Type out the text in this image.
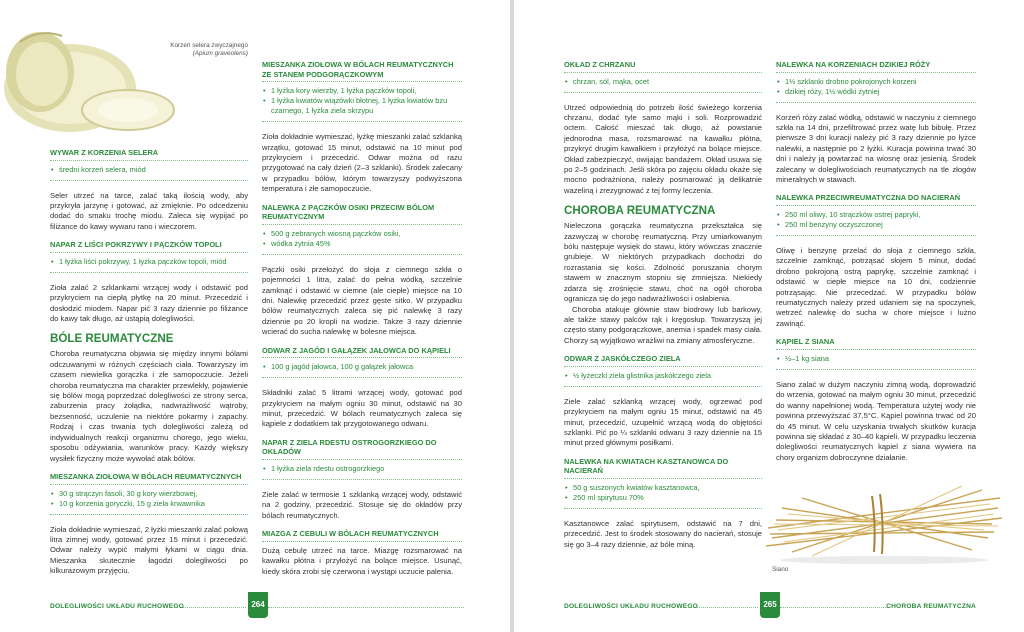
Korzeń selera zwyczajnego
(Apium graveolens)
WYWAR Z KORZENIA SELERA
• średni korzeń selera, miód

Seler utrzeć na tarce, zalać taką ilością wody, aby przykryła jarzynę i gotować, aż zmięknie. Po odcedzeniu dodać do smaku trochę miodu. Zaleca się wypijać po filiżance do kawy wywaru rano i wieczorem.

NAPAR Z LIŚCI POKRZYWY I PĄCZKÓW TOPOLI
• 1 łyżka liści pokrzywy, 1 łyżka pączków topoli, miód

Zioła zalać 2 szklankami wrzącej wody i odstawić pod przykryciem na ciepłą płytkę na 20 minut. Przecedzić i dosłodzić miodem. Napar pić 3 razy dziennie po filiżance do kawy tak długo, aż ustąpią dolegliwości.

BÓLE REUMATYCZNE

Choroba reumatyczna objawia się między innymi bólami odczuwanymi w różnych częściach ciała. Towarzyszy im czasem niewielka gorączka i złe samopoczucie. Jeżeli choroba reumatyczna ma charakter przewlekły, pojawienie się bólów mogą poprzedzać dolegliwości ze strony serca, zaburzenia pracy żołądka, nadwrażliwość wątroby, bezsenność, uczulenie na niektóre pokarmy i zapachy. Rodzaj i czas trwania tych dolegliwości zależą od indywidualnych reakcji organizmu chorego, jego wieku, sposobu odżywiania, warunków pracy. Każdy większy wysiłek fizyczny może wywołać atak bólów.

MIESZANKA ZIOŁOWA W BÓLACH REUMATYCZNYCH
• 30 g strączyn fasoli, 30 g kory wierzbowej,
• 10 g korzenia goryczki, 15 g ziela krwawnika

Zioła dokładnie wymieszać, 2 łyżki mieszanki zalać połową litra zimnej wody, gotować przez 15 minut i przecedzić. Odwar należy wypić małymi łykami w ciągu dnia. Mieszanka skutecznie łagodzi dolegliwości po kilkurazowym przyjęciu.

MIESZANKA ZIOŁOWA W BÓLACH REUMATYCZNYCH ZE STANEM PODGORĄCZKOWYM
• 1 łyżka kory wierzby, 1 łyżka pączków topoli,
• 1 łyżka kwiatów wiązówki błotnej, 1 łyżka kwiatów bzu czarnego, 1 łyżka ziela skrzypu

Zioła dokładnie wymieszać, łyżkę mieszanki zalać szklanką wrzątku, gotować 15 minut, odstawić na 10 minut pod przykryciem i przecedzić. Odwar można od razu przygotować na cały dzień (2–3 szklanki). Środek zalecany w przypadku bólów, którym towarzyszy podwyższona temperatura i złe samopoczucie.

NALEWKA Z PĄCZKÓW OSIKI PRZECIW BÓLOM REUMATYCZNYM
• 500 g zebranych wiosną pączków osiki,
• wódka żytnia 45%

Pączki osiki przełożyć do słoja z ciemnego szkła o pojemności 1 litra, zalać do pełna wódką, szczelnie zamknąć i odstawić w ciemne (ale ciepłe) miejsce na 10 dni. Nalewkę przecedzić przez gęste sitko. W przypadku bólów reumatycznych zaleca się pić nalewkę 3 razy dziennie po 20 kropli na wodzie. Także 3 razy dziennie wcierać do sucha nalewkę w bolesne miejsca.

ODWAR Z JAGÓD I GAŁĄZEK JAŁOWCA DO KĄPIELI
• 100 g jagód jałowca, 100 g gałązek jałowca

Składniki zalać 5 litrami wrzącej wody, gotować pod przykryciem na małym ogniu 30 minut, odstawić na 30 minut, przecedzić. W bólach reumatycznych zaleca się kąpiele z dodatkiem tak przygotowanego odwaru.

NAPAR Z ZIELA RDESTU OSTROGORZKIEGO DO OKŁADÓW
• 1 łyżka ziela rdestu ostrogorzkiego

Ziele zalać w termosie 1 szklanką wrzącej wody, odstawić na 2 godziny, przecedzić. Stosuje się do okładów przy bólach reumatycznych.

MIAZGA Z CEBULI W BÓLACH REUMATYCZNYCH

Dużą cebulę utrzeć na tarce. Miazgę rozsmarować na kawałku płótna i przyłożyć na bolące miejsce. Usunąć, kiedy skóra zrobi się czerwona i wystąpi uczucie palenia.

DOLEGLIWOŚCI UKŁADU RUCHOWEGO	264
OKŁAD Z CHRZANU
• chrzan, sól, mąka, ocet

Utrzeć odpowiednią do potrzeb ilość świeżego korzenia chrzanu, dodać tyle samo mąki i soli. Rozprowadzić octem. Całość mieszać tak długo, aż powstanie jednorodna masa, rozsmarować na kawałku płótna, przykryć drugim kawałkiem i przyłożyć na bolące miejsce. Okład zabezpieczyć, owijając bandażem. Okład usuwa się po 2–5 godzinach. Jeśli skóra po zajęciu okładu okaże się mocno podrażniona, należy posmarować ją delikatnie wazeliną i zrezygnować z tej formy leczenia.

CHOROBA REUMATYCZNA

Nieleczona gorączka reumatyczna przekształca się zazwyczaj w chorobę reumatyczną. Przy umiarkowanym bólu następuje wysięk do stawu, który wówczas znacznie grubieje. W niektórych przypadkach dochodzi do rozrastania się kości. Zdolność poruszania chorym stawem w znacznym stopniu się zmniejsza. Niekiedy zdarza się zrośnięcie stawu, choć na ogół choroba ogranicza się do jego nadwrażliwości i osłabienia.

Choroba atakuje głównie staw biodrowy lub barkowy, ale także stawy palców rąk i kręgosłup. Towarzyszą jej często stany podgorączkowe, anemia i spadek masy ciała. Chorzy są wyjątkowo wrażliwi na zmiany atmosferyczne.

ODWAR Z JASKÓŁCZEGO ZIELA
• ½ łyżeczki ziela glistnika jaskółczego ziela

Ziele zalać szklanką wrzącej wody, ogrzewać pod przykryciem na małym ogniu 15 minut, odstawić na 45 minut, przecedzić, uzupełnić wrzącą wodą do objętości szklanki. Pić po ¼ szklanki odwaru 3 razy dziennie na 15 minut przed głównymi posiłkami.

NALEWKA NA KWIATACH KASZTANOWCA DO NACIERAŃ
• 50 g suszonych kwiatów kasztanowca,
• 250 ml spirytusu 70%

Kasztanowce zalać spirytusem, odstawić na 7 dni, przecedzić. Jest to środek stosowany do nacierań, stosuje się go 3–4 razy dziennie, aż bóle miną.

NALEWKA NA KORZENIACH DZIKIEJ RÓŻY
• 1½ szklanki drobno pokrojonych korzeni
• dzikiej róży, 1½ wódki żytniej

Korzeń róży zalać wódką, odstawić w naczyniu z ciemnego szkła na 14 dni, przefiltrować przez watę lub bibułę. Przez pierwsze 3 dni kuracji należy pić 3 razy dziennie po łyżce nalewki, a następnie po 2 łyżki. Kuracja powinna trwać 30 dni i należy ją powtarzać na wiosnę oraz jesienią. Środek zalecany w dolegliwościach reumatycznych na tle złogów mineralnych w stawach.

NALEWKA PRZECIWREUMATYCZNA DO NACIERAŃ
• 250 ml oliwy, 10 strączków ostrej papryki,
• 250 ml benzyny oczyszczonej

Oliwę i benzynę przelać do słoja z ciemnego szkła, szczelnie zamknąć, potrząsać słojem 5 minut, dodać drobno pokrojoną ostrą paprykę, szczelnie zamknąć i odstawić w ciepłe miejsce na 10 dni, codziennie potrząsając. Nie przecedzać. W przypadku bólów reumatycznych należy przed udaniem się na spoczynek, wetrzeć nalewkę do sucha w chore miejsce i lużno zawinąć.

KĄPIEL Z SIANA
• ½–1 kg siana

Siano zalać w dużym naczyniu zimną wodą, doprowadzić do wrzenia, gotować na małym ogniu 30 minut, przecedzić do wanny napełnionej wodą. Temperatura użytej wody nie powinna przewyższać 37,5°C. Kąpiel powinna trwać od 20 do 45 minut. W celu uzyskania trwałych skutków kuracja powinna się składać z 30–40 kąpieli. W przypadku leczenia dolegliwości reumatycznych kąpiel z siana wywiera na chory organizm dobroczynne działanie.

Siano
DOLEGLIWOŚCI UKŁADU RUCHOWEGO	265	CHOROBA REUMATYCZNA
